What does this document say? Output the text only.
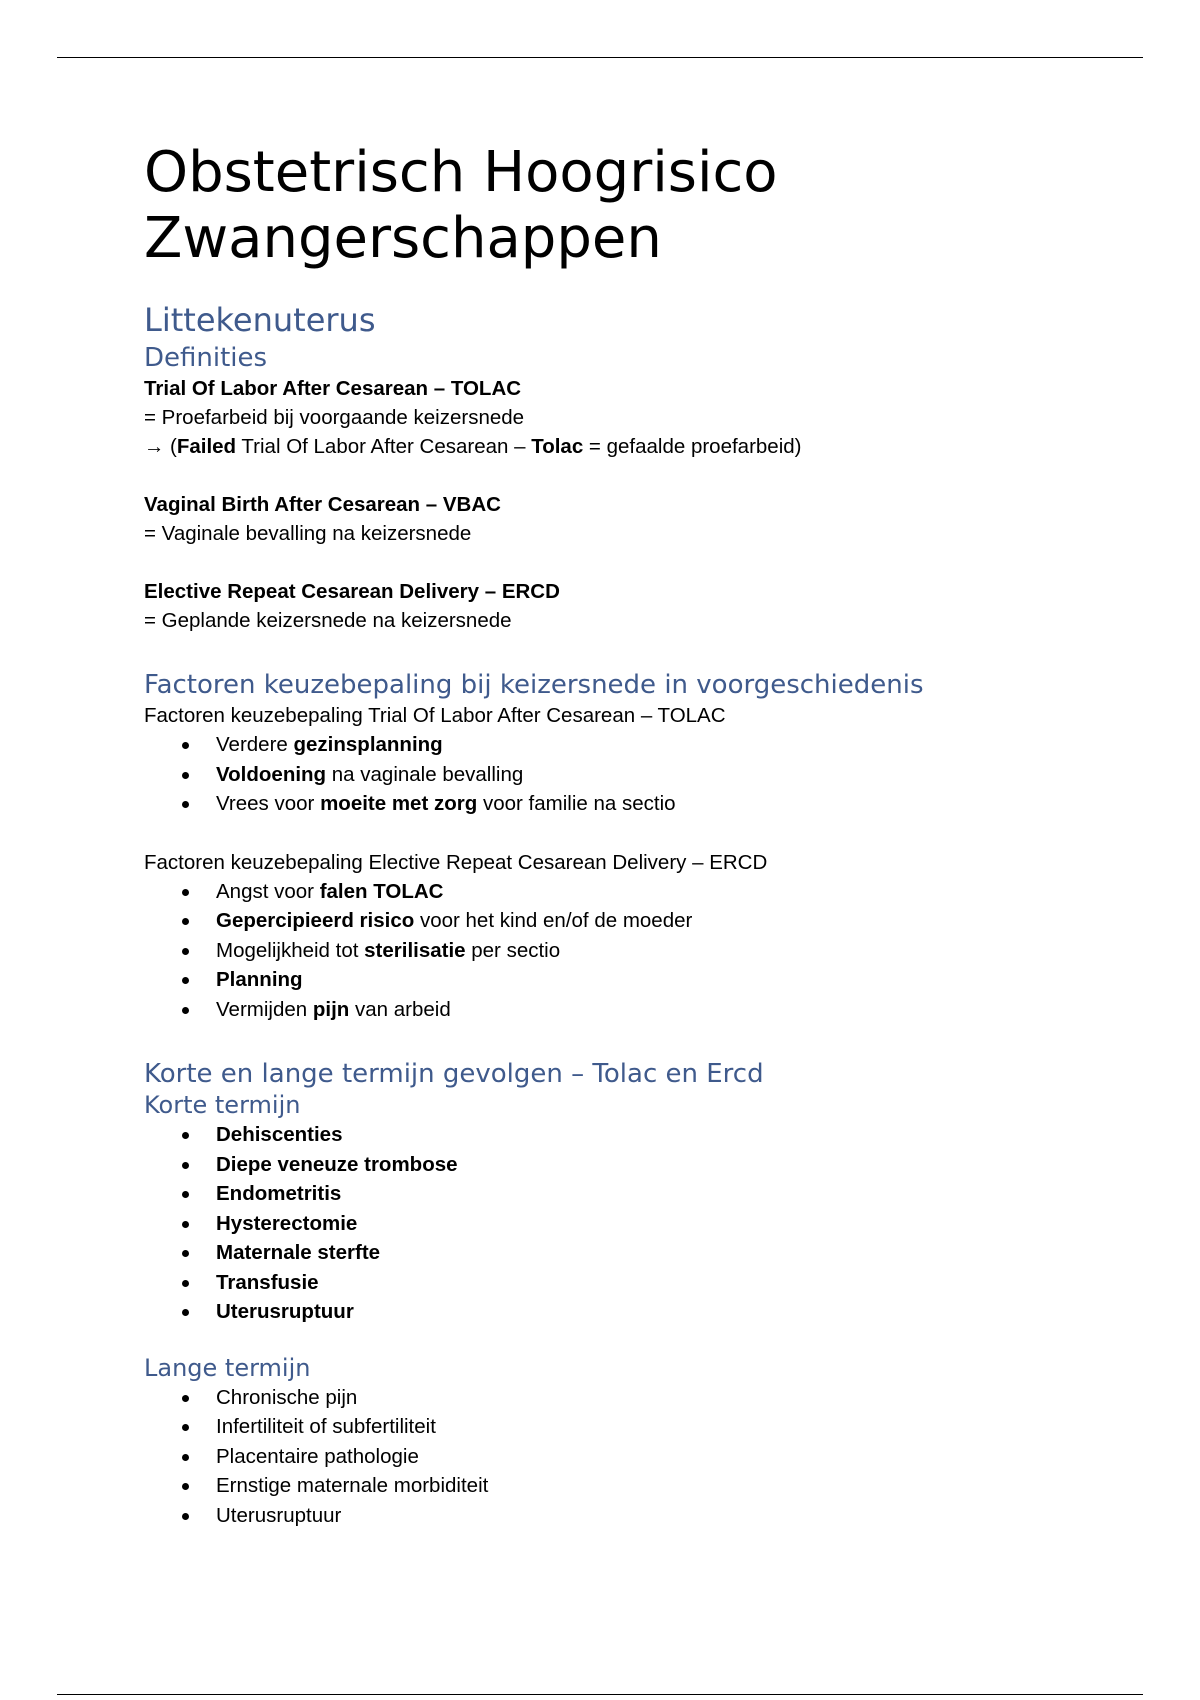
Obstetrisch Hoogrisico
Zwangerschappen
Littekenuterus
Definities
Trial Of Labor After Cesarean – TOLAC
= Proefarbeid bij voorgaande keizersnede
→ (Failed Trial Of Labor After Cesarean – Tolac = gefaalde proefarbeid)
Vaginal Birth After Cesarean – VBAC
= Vaginale bevalling na keizersnede
Elective Repeat Cesarean Delivery – ERCD
= Geplande keizersnede na keizersnede
Factoren keuzebepaling bij keizersnede in voorgeschiedenis
Factoren keuzebepaling Trial Of Labor After Cesarean – TOLAC
Verdere gezinsplanning
Voldoening na vaginale bevalling
Vrees voor moeite met zorg voor familie na sectio
Factoren keuzebepaling Elective Repeat Cesarean Delivery – ERCD
Angst voor falen TOLAC
Gepercipieerd risico voor het kind en/of de moeder
Mogelijkheid tot sterilisatie per sectio
Planning
Vermijden pijn van arbeid
Korte en lange termijn gevolgen – Tolac en Ercd
Korte termijn
Dehiscenties
Diepe veneuze trombose
Endometritis
Hysterectomie
Maternale sterfte
Transfusie
Uterusruptuur
Lange termijn
Chronische pijn
Infertiliteit of subfertiliteit
Placentaire pathologie
Ernstige maternale morbiditeit
Uterusruptuur
